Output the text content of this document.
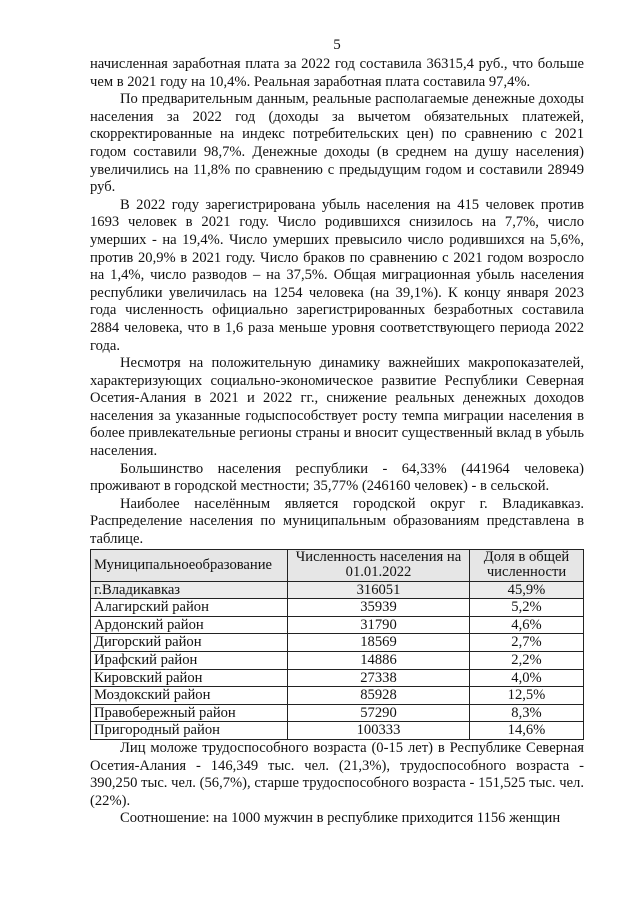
5

начисленная заработная плата за 2022 год составила 36315,4 руб., что больше чем в 2021 году на 10,4%. Реальная заработная плата составила 97,4%.

По предварительным данным, реальные располагаемые денежные доходы населения за 2022 год (доходы за вычетом обязательных платежей, скорректированные на индекс потребительских цен) по сравнению с 2021 годом составили 98,7%. Денежные доходы (в среднем на душу населения) увеличились на 11,8% по сравнению с предыдущим годом и составили 28949 руб.

В 2022 году зарегистрирована убыль населения на 415 человек против 1693 человек в 2021 году. Число родившихся снизилось на 7,7%, число умерших - на 19,4%. Число умерших превысило число родившихся на 5,6%, против 20,9% в 2021 году. Число браков по сравнению с 2021 годом возросло на 1,4%, число разводов – на 37,5%. Общая миграционная убыль населения республики увеличилась на 1254 человека (на 39,1%). К концу января 2023 года численность официально зарегистрированных безработных составила 2884 человека, что в 1,6 раза меньше уровня соответствующего периода 2022 года.

Несмотря на положительную динамику важнейших макропоказателей, характеризующих социально-экономическое развитие Республики Северная Осетия-Алания в 2021 и 2022 гг., снижение реальных денежных доходов населения за указанные годыспособствует росту темпа миграции населения в более привлекательные регионы страны и вносит существенный вклад в убыль населения.

Большинство населения республики - 64,33% (441964 человека) проживают в городской местности; 35,77% (246160 человек) - в сельской.

Наиболее населённым является городской округ г. Владикавказ. Распределение населения по муниципальным образованиям представлена в таблице.

Муниципальноеобразование	Численность населения на 01.01.2022	Доля в общей численности
г.Владикавказ	316051	45,9%
Алагирский район	35939	5,2%
Ардонский район	31790	4,6%
Дигорский район	18569	2,7%
Ирафский район	14886	2,2%
Кировский район	27338	4,0%
Моздокский район	85928	12,5%
Правобережный район	57290	8,3%
Пригородный район	100333	14,6%

Лиц моложе трудоспособного возраста (0-15 лет) в Республике Северная Осетия-Алания - 146,349 тыс. чел. (21,3%), трудоспособного возраста - 390,250 тыс. чел. (56,7%), старше трудоспособного возраста - 151,525 тыс. чел. (22%).

Соотношение: на 1000 мужчин в республике приходится 1156 женщин
